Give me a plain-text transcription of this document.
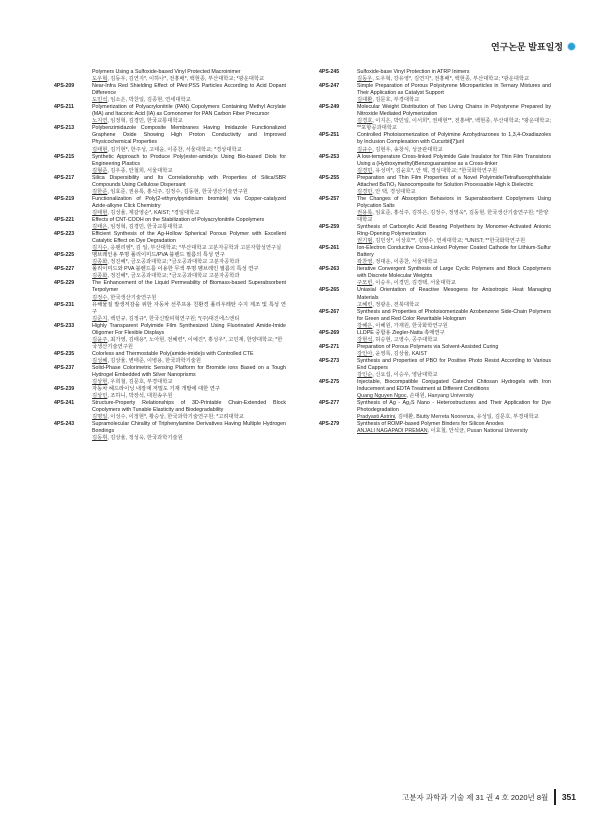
연구논문 발표일정
Polymers Using a Sulfoxide-based Vinyl Protected Macroinimer
도우혁, 김동우, 김연지*, 이하나*, 전홍배*, 백현종, 부산대학교; *광운대학교
4PS-209	Near-Infra Red Shielding Effect of PAni:PSS Particles According to Acid Dopant Difference
도민석, 임소은, 박찬일, 김종현, 연세대학교
4PS-211	Polymerization of Polyacrylonitrile (PAN) Copolymers Containing Methyl Acrylate (MA) and Itaconic Acid (IA) as Comonomer for PAN Carbon Fiber Precursor
노지연, 임정혁, 김경민, 한국교통대학교
4PS-213	Polybenzimidazole Composite Membranes Having Imidazole Functionalized Graphene Oxide Showing High Proton Conductivity and Improved Physicochemical Properties
김태현, 김기현*, 한주성, 고태윤, 이종찬, 서울대학교; *경상대학교
4PS-215	Synthetic Approach to Produce Poly(ester-amide)s Using Bio-based Diols for Engineering Plastics
김형준, 김우종, 안철희, 서울대학교
4PS-217	Silica Dispersibility and Its Correlationship with Properties of Silica/SBR Compounds Using Cellulose Dispersant
김한준, 임효준, 권용록, 홍석주, 김정수, 김동현, 한국생산기술연구원
4PS-219	Functionalization of Poly(2-ethynylpyridinium bromide) via Copper-catalyzed Azide-alkyne Click Chemistry
김태현, 김성율, 제갈영순*, KAIST; *경일대학교
4PS-221	Effects of CNT-COOH on the Stabilization of Polyacrylonitrile Copolymers
김태은, 임정혁, 김경민, 한국교통대학교
4PS-223	Efficient Synthesis of the Ag-Hollow Spherical Porous Polymer with Excellent Catalytic Effect on Dye Degradation
김지수, 응웬리엠*, 김 일, 부산대학교; *부산대학교 고분자공학과 고분자합성연구실
4PS-225	멤브레인용 투명 폴리이미드/PVA 블렌드 필름의 특성 연구
김종화, 정진혜*, 금오공과대학교; *금오공과대학교 고분자공학과
4PS-227	폴리이미드와 PVA 블렌드를 이용한 무색 투명 멤브레인 필름의 특성 연구
김종화, 정진혜*, 금오공과대학교; *금오공과대학교 고분자공학과
4PS-229	The Enhancement of the Liquid Permeability of Biomass-based Superabsorbent Terpolymer
김정수, 한국생산기술연구원
4PS-231	유해물질 발생저감을 위한 자동차 선루프용 친환경 폴리우레탄 수지 제조 및 특성 연구
김준지, 백민규, 김정규*, 한국신발피혁연구원; *(주)대진에스앤티
4PS-233	Highly Transparent Polyimide Film Synthesized Using Fluorinated Amide-Imide Oligomer For Flexible Displays
김윤주, 최가영, 김태용*, 노아현, 전혜련*, 이예진*, 홍성우*, 고민재, 한양대학교; *한국생산기술연구원
4PS-235	Colorless and Thermostable Poly(amide-imide)s with Controlled CTE
김성혜, 김상율, 변태준, 이병용, 한국과학기술원
4PS-237	Solid-Phase Colorimetric Sensing Platform for Bromide ions Based on a Tough Hydrogel Embedded with Silver Nanoprisms
김상현, 우희철, 김문호, 부경대학교
4PS-239	자동차 헤드라이닝 내장재 저밀도 기재 개발에 대한 연구
김상민, 조하니, 박장석, 대원송우원
4PS-241	Structure-Property Relationships of 3D-Printable Chain-Extended Block Copolymers with Tunable Elasticity and Biodegradability
김명일, 이성수, 이정현*, 황승상, 한국과학기술연구원; *고려대학교
4PS-243	Supramolecular Chirality of Triphenylamine Derivatives Having Multiple Hydrogen Bondings
김동휘, 김상율, 정성욱, 한국과학기술원
4PS-245	Sulfoxide-base Vinyl Protection in ATRP Inimers
김동우, 도우혁, 강유영*, 김연지*, 전홍배*, 백현종, 부산대학교; *광운대학교
4PS-247	Simple Preparation of Porous Polystyrene Microparticles in Ternary Mixtures and Their Application as Catalyst Support
김대환, 김문호, 부경대학교
4PS-249	Molecular Weight Distribution of Two Living Chains in Polystyrene Prepared by Nitroxide Mediated Polymerization
김경호, 이지은, 박민일, 이서희*, 권태현**, 전홍배*, 백현종, 부산대학교; *광운대학교; **포항공과대학교
4PS-251	Controlled Photoisomerization of Polyimine Azohydrazones to 1,3,4-Oxadiazoles by Inclusion Complexation with Cucurbit[7]uril
김규수, 김현우, 송창식, 성균관대학교
4PS-253	A low-temperature Cross-linked Polyimide Gate Insulator for Thin Film Transistors Using a (Hydroxymethyl)Benzoguanamine as a Cross-linker
김경민, 유성미*, 김윤호*, 안 택, 경성대학교; *한국화학연구원
4PS-255	Preparation and Thin Film Properties of a Novel Polyimide/Tetrafluorophthalate Attached BaTiO₃ Nanocomposite for Solution Processable High k Dielectric
김경민, 안 택, 경성대학교
4PS-257	The Changes of Absorption Behaviors in Superabsorbent Copolymers Using Polycation Salts
권용록, 임효준, 홍석주, 김하은, 김정수, 정영욱*, 김동현, 한국생산기술연구원; *한양대학교
4PS-259	Synthesis of Carboxylic Acid Bearing Polyethers by Monomer-Activated Anionic Ring-Opening Polymerization
권기범, 김민성*, 이상호**, 김병수, 연세대학교; *UNIST; **한국화학연구원
4PS-261	Ion-Electron Conductive Cross-Linked Polymer Coated Cathode for Lithium-Sulfur Battery
곽찬영, 정대운, 이종찬, 서울대학교
4PS-263	Iterative Convergent Synthesis of Large Cyclic Polymers and Block Copolymers with Discrete Molecular Weights
구모빈, 이승우, 이경민, 김경택, 서울대학교
4PS-265	Uniaxial Orientation of Reactive Mesogens for Anisotropic Heat Managing Materials
고혜린, 정광운, 전북대학교
4PS-267	Synthesis and Properties of Photoisomerizable Azobenzene Side-Chain Polymers for Green and Red Color Rewritable Hologram
강혜은, 이혜원, 가재원, 한국화학연구원
4PS-269	LLDPE 중합용 Ziegler-Natta 촉매연구
강현석, 허승현, 고영수, 공주대학교
4PS-271	Preparation of Porous Polymers via Solvent-Assisted Curing
강인아, 윤영록, 김상율, KAIST
4PS-273	Synthesis and Properties of PBO for Positive Photo Resist According to Various End Cappers
강인순, 신요섭, 이승우, 영남대학교
4PS-275	Injectable, Biocompatible Conjugated Catechol Chitosan Hydrogels with Iron Inducement and EDTA Treatment at Different Conditions
Quang Nguyen Ngoc, 손대원, Hanyang University
4PS-277	Synthesis of Ag - Ag₂S Nano - Heterostructures and Their Application for Dye Photodegradation
Pradyasti Astrini, 김태환, Biutty Merreta Noorenza, 유성일, 김문호, 부경대학교
4PS-279	Synthesis of ROMP-based Polymer Binders for Silicon Anodes
ANJALI NAGAPADI PREMAN, 이효철, 안석균, Pusan National University
고분자 과학과 기술 제 31 권 4 호 2020년 8월 351
